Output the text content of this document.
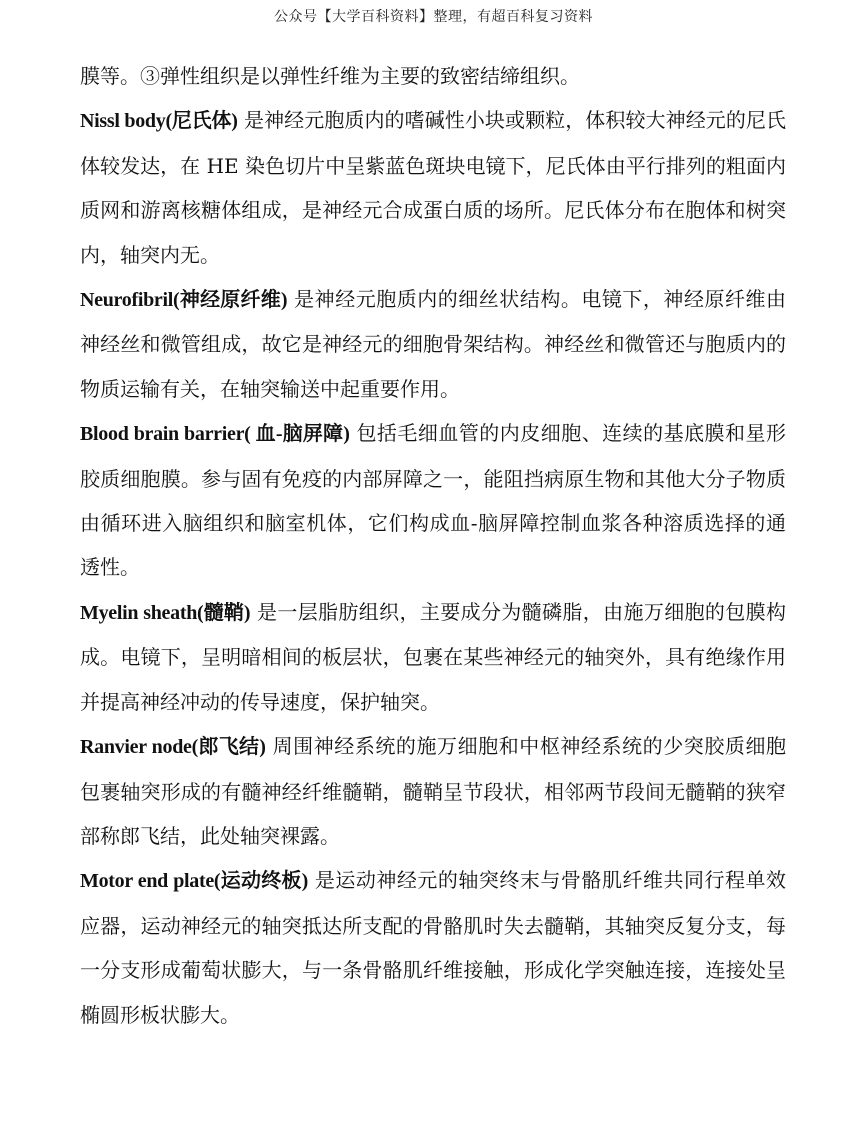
公众号【大学百科资料】整理，有超百科复习资料

膜等。③弹性组织是以弹性纤维为主要的致密结缔组织。

Nissl body(尼氏体) 是神经元胞质内的嗜碱性小块或颗粒，体积较大神经元的尼氏体较发达，在 HE 染色切片中呈紫蓝色斑块电镜下，尼氏体由平行排列的粗面内质网和游离核糖体组成，是神经元合成蛋白质的场所。尼氏体分布在胞体和树突内，轴突内无。

Neurofibril(神经原纤维) 是神经元胞质内的细丝状结构。电镜下，神经原纤维由神经丝和微管组成，故它是神经元的细胞骨架结构。神经丝和微管还与胞质内的物质运输有关，在轴突输送中起重要作用。

Blood brain barrier( 血-脑屏障) 包括毛细血管的内皮细胞、连续的基底膜和星形胶质细胞膜。参与固有免疫的内部屏障之一，能阻挡病原生物和其他大分子物质由循环进入脑组织和脑室机体，它们构成血-脑屏障控制血浆各种溶质选择的通透性。

Myelin sheath(髓鞘) 是一层脂肪组织，主要成分为髓磷脂，由施万细胞的包膜构成。电镜下，呈明暗相间的板层状，包裹在某些神经元的轴突外，具有绝缘作用并提高神经冲动的传导速度，保护轴突。

Ranvier node(郎飞结) 周围神经系统的施万细胞和中枢神经系统的少突胶质细胞包裹轴突形成的有髓神经纤维髓鞘，髓鞘呈节段状，相邻两节段间无髓鞘的狭窄部称郎飞结，此处轴突裸露。

Motor end plate(运动终板) 是运动神经元的轴突终末与骨骼肌纤维共同行程单效应器，运动神经元的轴突抵达所支配的骨骼肌时失去髓鞘，其轴突反复分支，每一分支形成葡萄状膨大，与一条骨骼肌纤维接触，形成化学突触连接，连接处呈椭圆形板状膨大。
